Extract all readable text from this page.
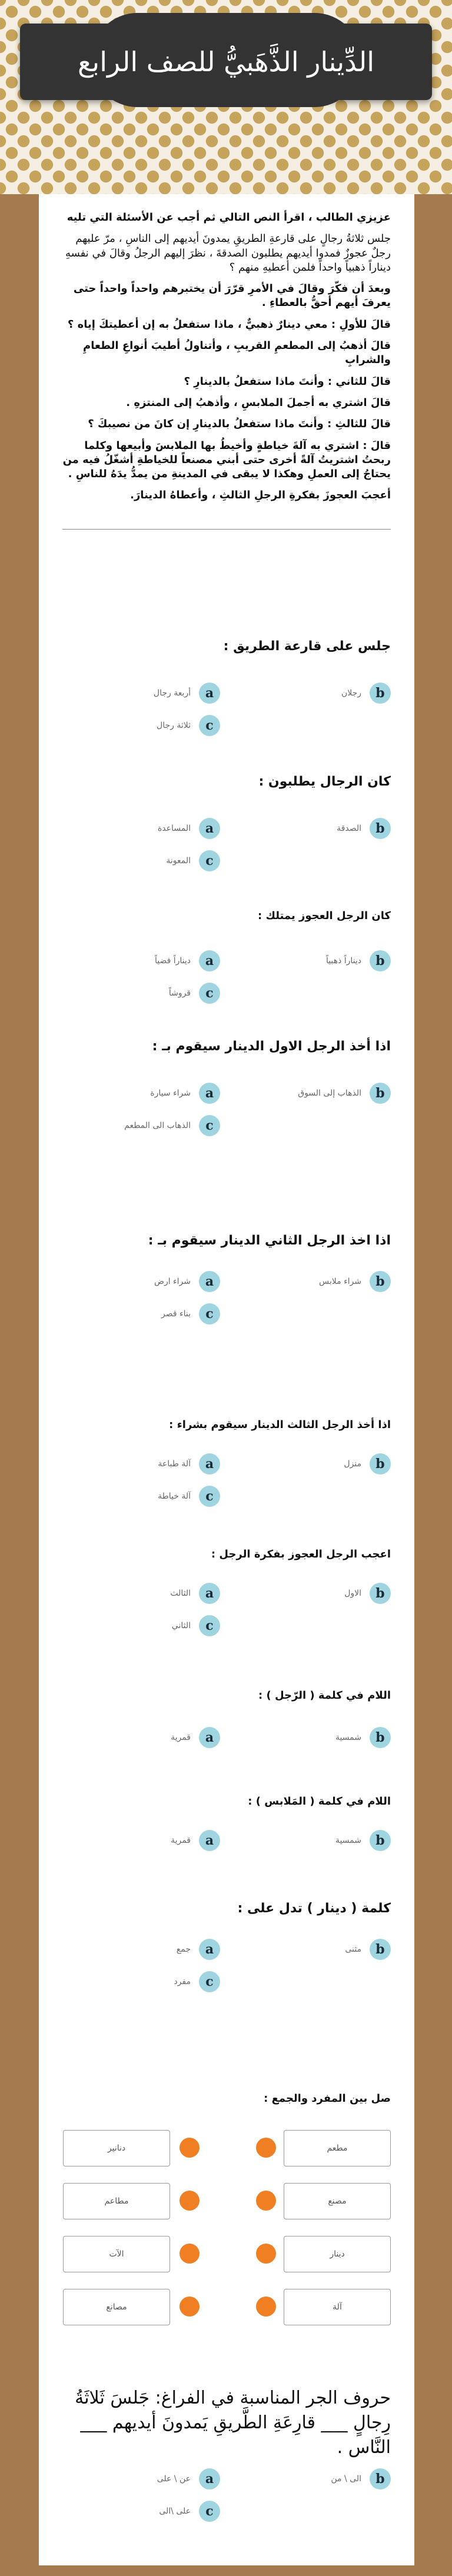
الدِّينار الذَّهَبيُّ للصف الرابع

عزيزي الطالب ، اقرأ النص التالي ثم أجب عن الأسئلة التي تليه

جلس ثلاثةُ رجالٍ على قارعةِ الطريقِ يمدونَ أيديهم إلى الناسِ ، مرّ عليهم رجلٌ عجوزٌ فمدوا أيديهم يطلبون الصدقةَ ، نظرَ إليهم الرجلُ وقالَ في نفسهِ ديناراً ذهبياً واحداً فلمن أعطيهِ منهم ؟

وبعدَ أن فكّرَ وقالَ في الأمرِ قرّرَ أن يختبرهم واحداً واحداً حتى يعرفَ أيهم أحقُّ بالعطاءِ .

قالَ للأولِ : معي دينارٌ ذهبيٌّ ، ماذا ستفعلُ به إن أعطيتكَ إياه ؟

قالَ أذهبُ إلى المطعمِ القريبِ ، وأتناولُ أطيبَ أنواعِ الطعامِ والشرابِ

قالَ للثاني : وأنتَ ماذا ستفعلُ بالدينارِ ؟

قالَ اشتري به أجملَ الملابسِ ، وأذهبُ إلى المنتزهِ .

قالَ للثالثِ : وأنتَ ماذا ستفعلُ بالدينارِ إن كانَ من نصيبكَ ؟

قالَ : اشتري به آلةَ خياطةٍ وأخيطُ بها الملابسَ وأبيعها وكلما ربحتُ اشتريتُ آلةً أخرى حتى أبني مصنعاً للخياطةِ أشغّلُ فيه من يحتاجُ إلى العملِ وهكذا لا يبقى في المدينةِ من يمدُّ يدَهُ للناسِ .

أعجبَ العجوزَ بفكرةِ الرجلِ الثالثِ ، وأعطاهُ الدينارَ.

جلس على قارعة الطريق :
b
رجلان
a
أربعة رجال
c
ثلاثة رجال
كان الرجال يطلبون :
b
الصدقة
a
المساعدة
c
المعونة
كان الرجل العجوز يمتلك :
b
ديناراً ذهبياً
a
ديناراً فضياً
c
قروشاً
اذا أخذ الرجل الاول الدينار سيقوم بـ :
b
الذهاب إلى السوق
a
شراء سيارة
c
الذهاب الى المطعم
اذا اخذ الرجل الثاني الدينار سيقوم بـ :
b
شراء ملابس
a
شراء ارض
c
بناء قصر
اذا أخذ الرجل الثالث الدينار سيقوم بشراء :
b
منزل
a
آلة طباعة
c
آلة خياطة
اعجب الرجل العجوز بفكرة الرجل :
b
الاول
a
الثالث
c
الثاني
اللام في كلمة ( الرّجل ) :
b
شمسية
a
قمرية
اللام في كلمة ( المَلابس ) :
b
شمسية
a
قمرية
كلمة ( دينار ) تدل على :
b
مثنى
a
جمع
c
مفرد
صل بين المفرد والجمع :
مطعم
دنانير
مصنع
مطاعم
دينار
الآت
آلة
مصانع
حروف الجر المناسبة في الفراغ: جَلسَ ثَلاثَةُ رِجالٍ ___ قارِعَةِ الطَّريقِ يَمدونَ أيديهم ___ النَّاس .
b
الى \ من
a
عن \ على
c
على \الى
